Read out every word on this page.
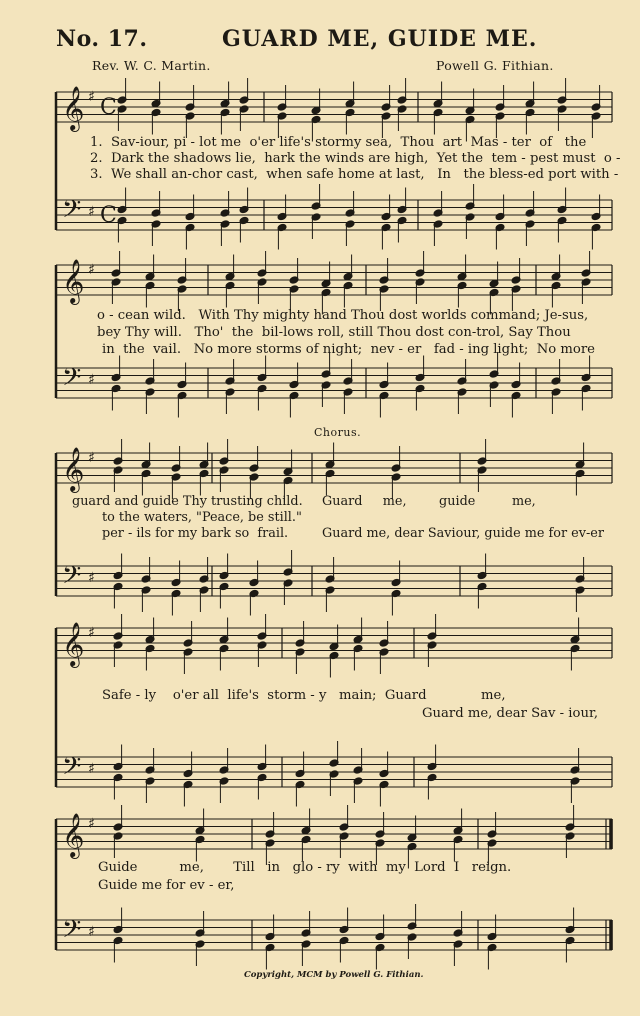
No. 17.	GUARD ME, GUIDE ME.
Rev. W. C. Martin.	Powell G. Fithian.
𝄞
𝄢
♯
♯
C
C
𝄞
𝄢
♯
♯
𝄞
𝄢
♯
♯
𝄞
𝄢
♯
♯
𝄞
𝄢
♯
♯
1.  Sav-iour, pi - lot me  o'er life's stormy sea,  Thou  art  Mas - ter  of   the
2.  Dark the shadows lie,  hark the winds are high,  Yet the  tem - pest must  o -
3.  We shall an-chor cast,  when safe home at last,   In   the bless-ed port with -
o - cean wild.   With Thy mighty hand Thou dost worlds command; Je-sus,
bey Thy will.   Tho'  the  bil-lows roll, still Thou dost con-trol, Say Thou
in  the  vail.   No more storms of night;  nev - er   fad - ing light;  No more
Chorus.
guard and guide Thy trusting child.
to the waters, "Peace, be still."
per - ils for my bark so  frail.
Guard     me,        guide         me,
Guard me, dear Saviour, guide me for ev-er
Safe - ly    o'er all  life's  storm - y   main;  Guard             me,
Guard me, dear Sav - iour,
Guide          me,       Till   in   glo - ry  with  my  Lord  I   reign.
Guide me for ev - er,
Copyright, MCM by Powell G. Fithian.
